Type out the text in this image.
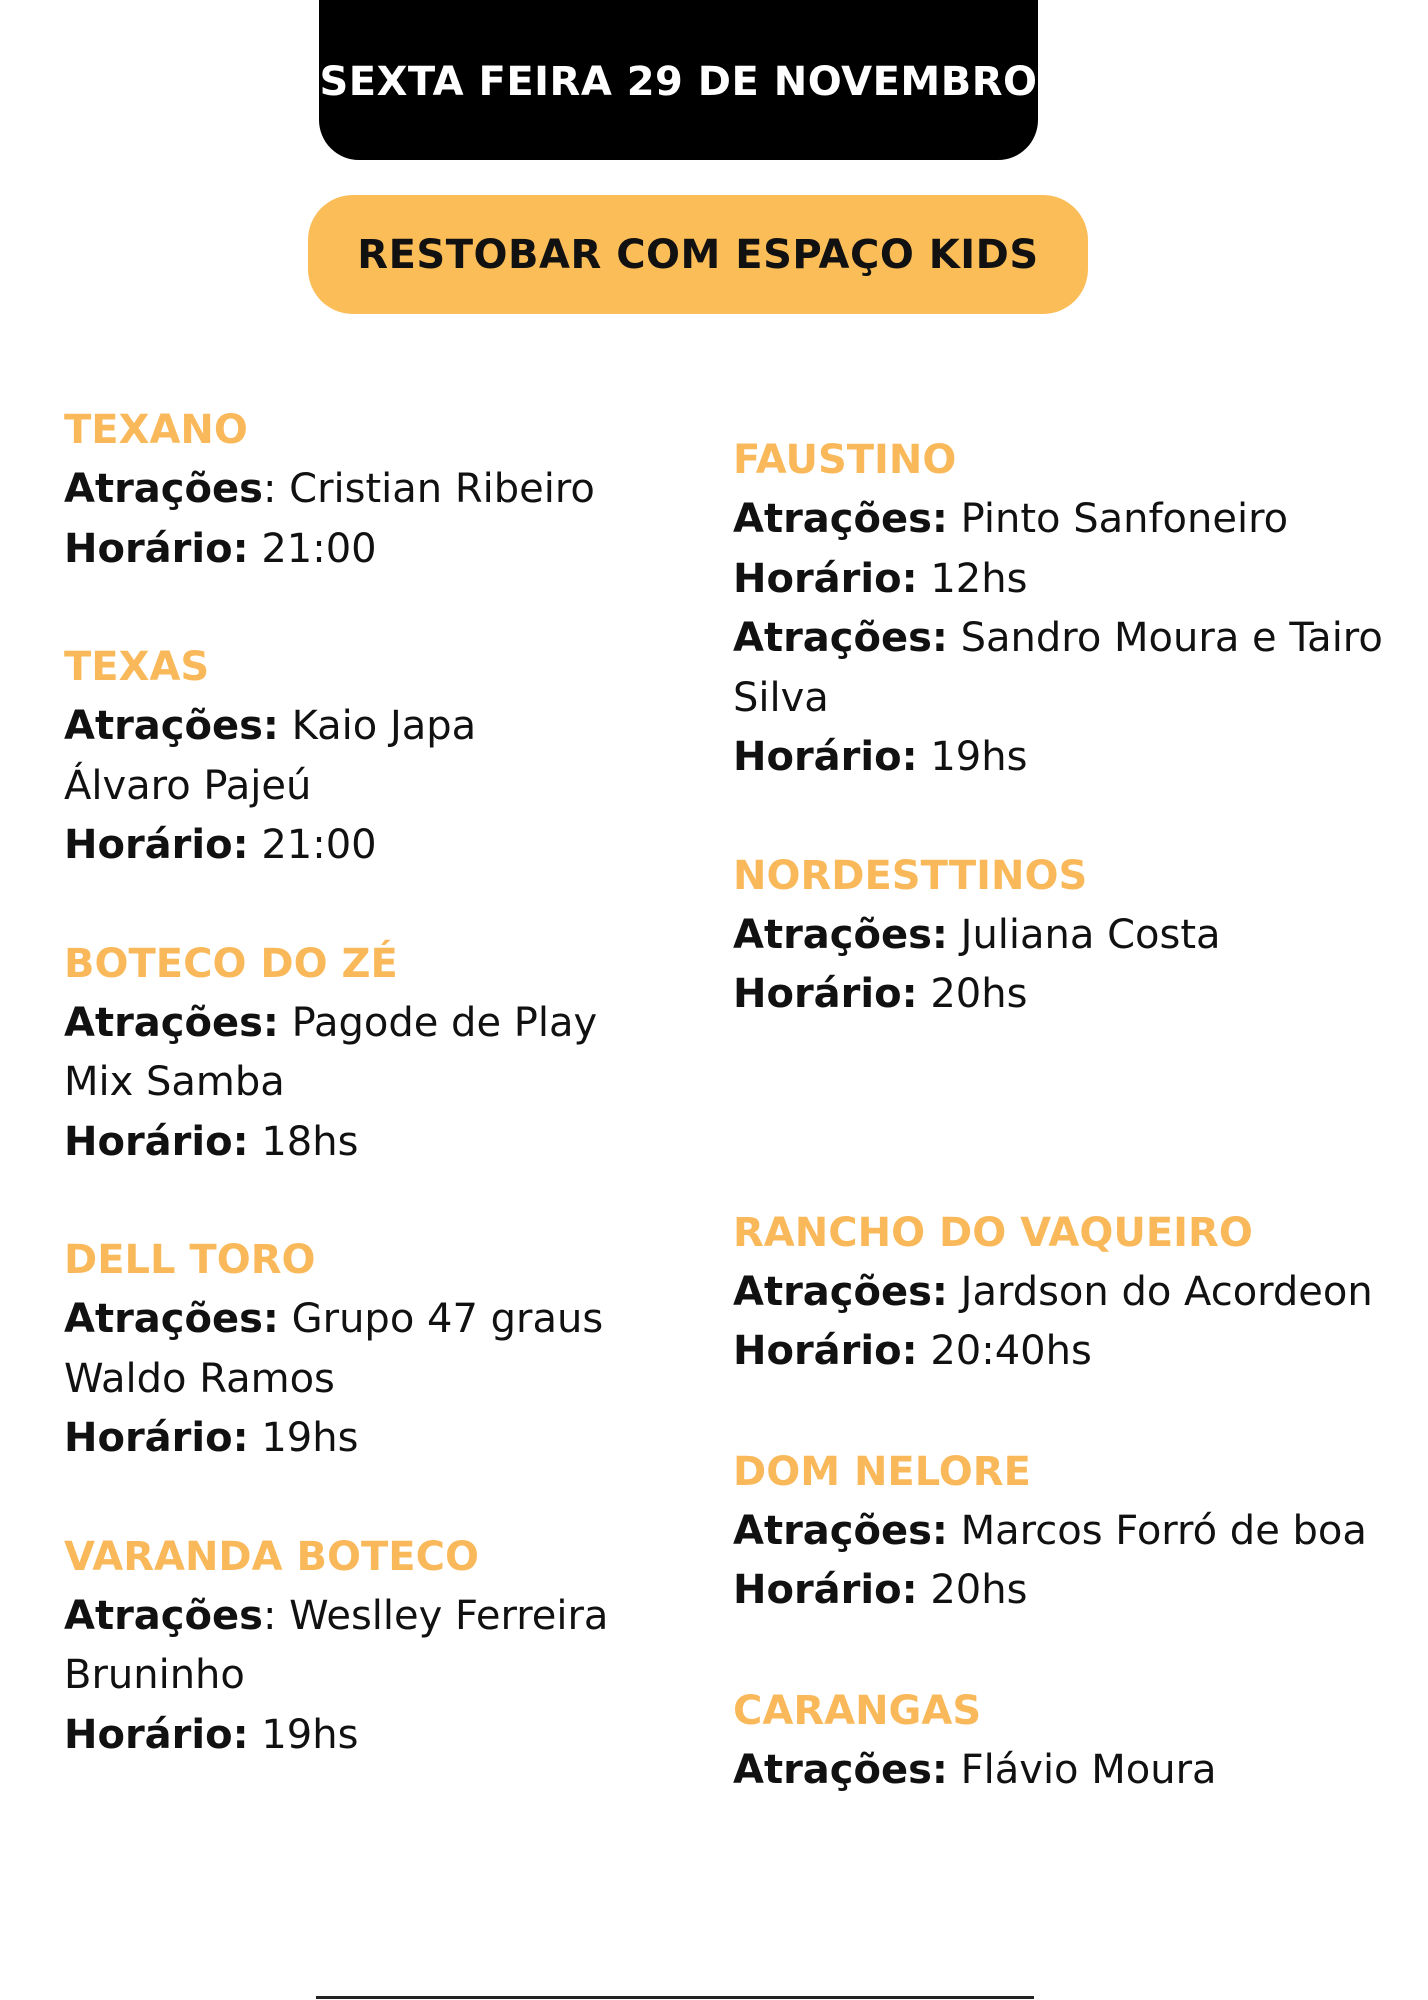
SEXTA FEIRA 29 DE NOVEMBRO
RESTOBAR COM ESPAÇO KIDS
TEXANO
Atrações: Cristian Ribeiro
Horário: 21:00
TEXAS
Atrações: Kaio Japa
Álvaro Pajeú
Horário: 21:00
BOTECO DO ZÉ
Atrações: Pagode de Play
Mix Samba
Horário: 18hs
DELL TORO
Atrações: Grupo 47 graus
Waldo Ramos
Horário: 19hs
VARANDA BOTECO
Atrações: Weslley Ferreira
Bruninho
Horário: 19hs
FAUSTINO
Atrações: Pinto Sanfoneiro
Horário: 12hs
Atrações: Sandro Moura e Tairo
Silva
Horário: 19hs
NORDESTTINOS
Atrações: Juliana Costa
Horário: 20hs
RANCHO DO VAQUEIRO
Atrações: Jardson do Acordeon
Horário: 20:40hs
DOM NELORE
Atrações: Marcos Forró de boa
Horário: 20hs
CARANGAS
Atrações: Flávio Moura
